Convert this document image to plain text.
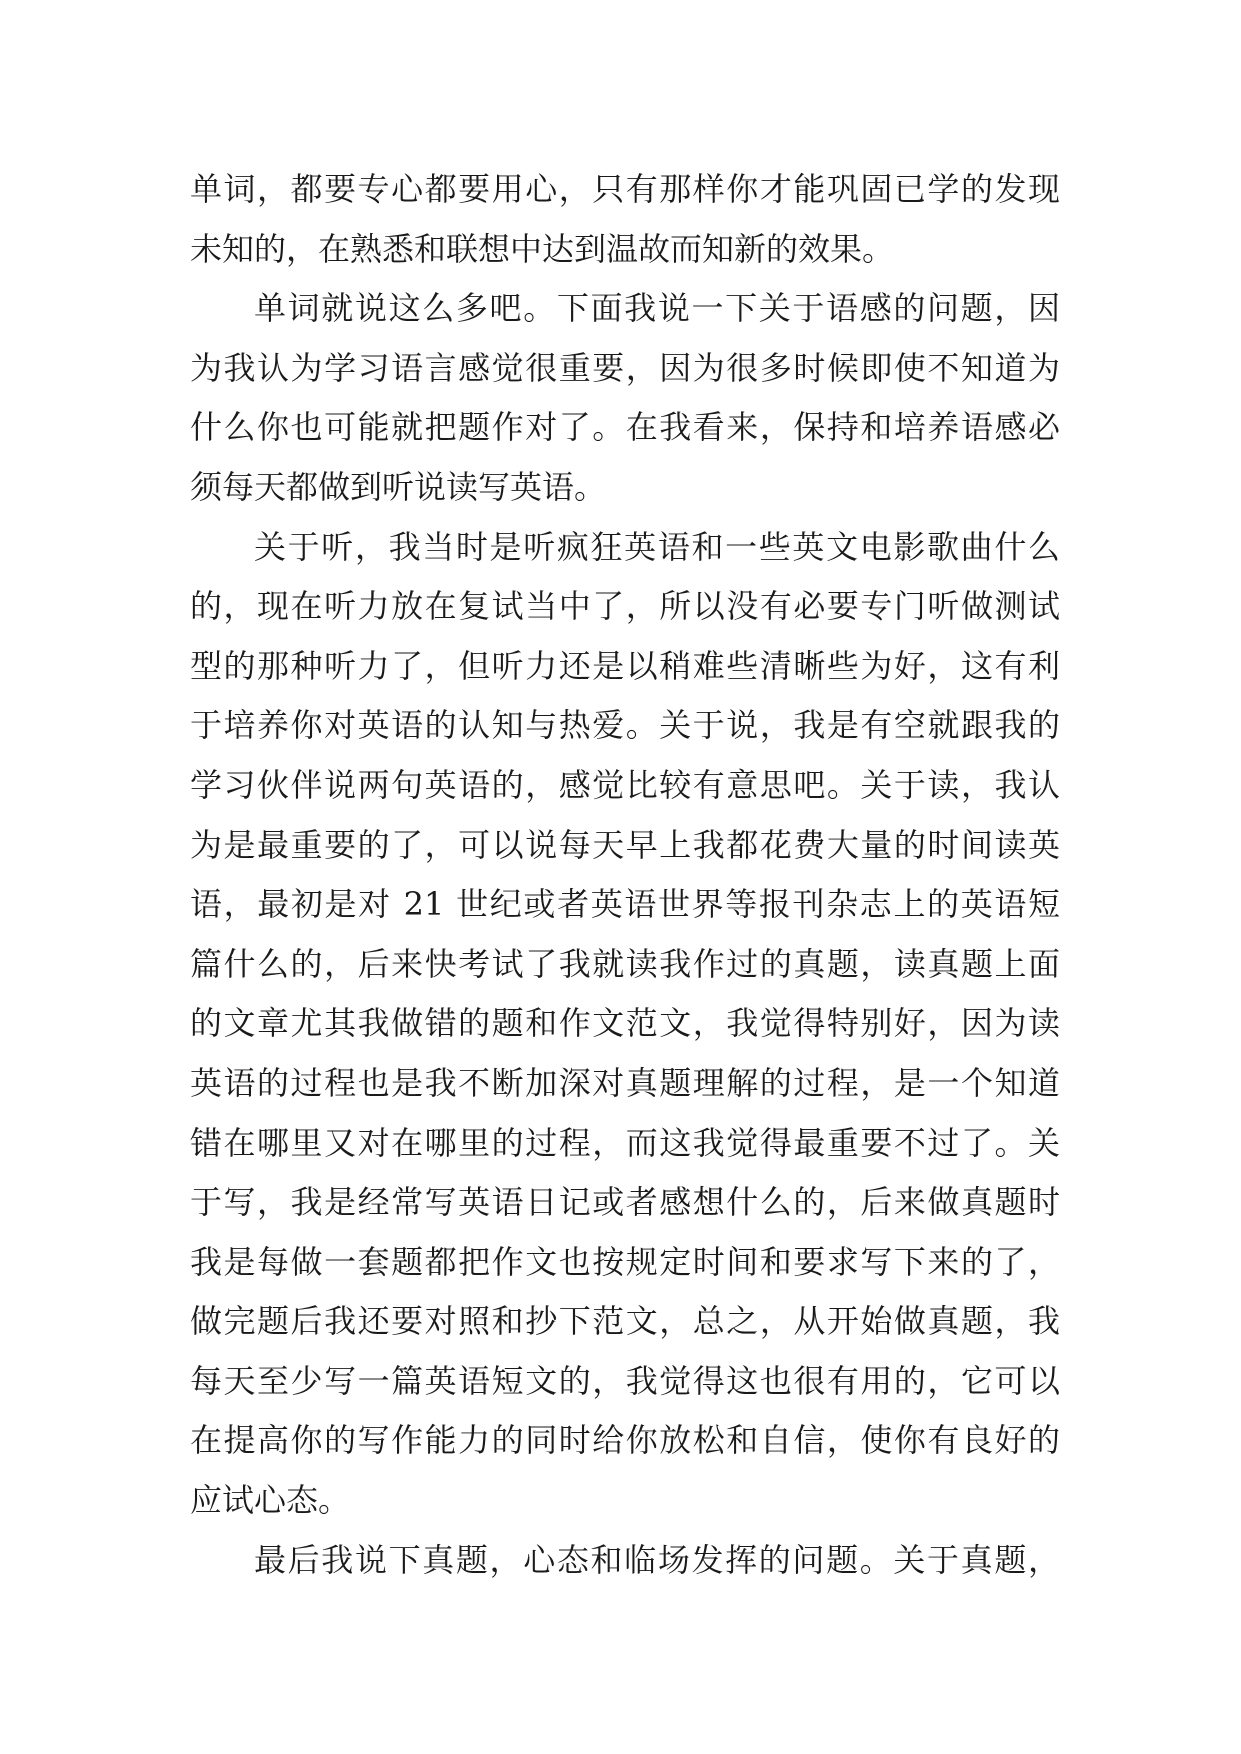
单词，都要专心都要用心，只有那样你才能巩固已学的发现
未知的，在熟悉和联想中达到温故而知新的效果。
单词就说这么多吧。下面我说一下关于语感的问题，因
为我认为学习语言感觉很重要，因为很多时候即使不知道为
什么你也可能就把题作对了。在我看来，保持和培养语感必
须每天都做到听说读写英语。
关于听，我当时是听疯狂英语和一些英文电影歌曲什么
的，现在听力放在复试当中了，所以没有必要专门听做测试
型的那种听力了，但听力还是以稍难些清晰些为好，这有利
于培养你对英语的认知与热爱。关于说，我是有空就跟我的
学习伙伴说两句英语的，感觉比较有意思吧。关于读，我认
为是最重要的了，可以说每天早上我都花费大量的时间读英
语，最初是对 21 世纪或者英语世界等报刊杂志上的英语短
篇什么的，后来快考试了我就读我作过的真题，读真题上面
的文章尤其我做错的题和作文范文，我觉得特别好，因为读
英语的过程也是我不断加深对真题理解的过程，是一个知道
错在哪里又对在哪里的过程，而这我觉得最重要不过了。关
于写，我是经常写英语日记或者感想什么的，后来做真题时
我是每做一套题都把作文也按规定时间和要求写下来的了，
做完题后我还要对照和抄下范文，总之，从开始做真题，我
每天至少写一篇英语短文的，我觉得这也很有用的，它可以
在提高你的写作能力的同时给你放松和自信，使你有良好的
应试心态。
最后我说下真题，心态和临场发挥的问题。关于真题，
